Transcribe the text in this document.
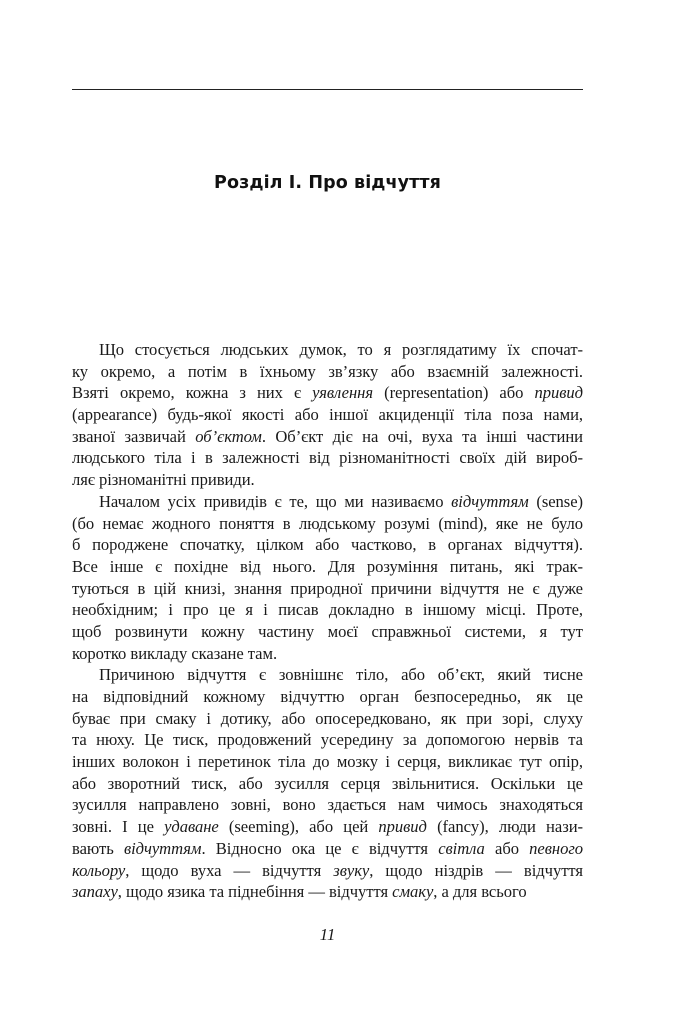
Розділ І. Про відчуття
Що стосується людських думок, то я розглядатиму їх спочат-
ку окремо, а потім в їхньому зв’язку або взаємній залежності.
Взяті окремо, кожна з них є уявлення (representation) або привид
(appearance) будь-якої якості або іншої акциденції тіла поза нами,
званої зазвичай об’єктом. Об’єкт діє на очі, вуха та інші частини
людського тіла і в залежності від різноманітності своїх дій вироб-
ляє різноманітні привиди.
Началом усіх привидів є те, що ми називаємо відчуттям (sense)
(бо немає жодного поняття в людському розумі (mind), яке не було
б породжене спочатку, цілком або частково, в органах відчуття).
Все інше є похідне від нього. Для розуміння питань, які трак-
туються в цій книзі, знання природної причини відчуття не є дуже
необхідним; і про це я і писав докладно в іншому місці. Проте,
щоб розвинути кожну частину моєї справжньої системи, я тут
коротко викладу сказане там.
Причиною відчуття є зовнішнє тіло, або об’єкт, який тисне
на відповідний кожному відчуттю орган безпосередньо, як це
буває при смаку і дотику, або опосередковано, як при зорі, слуху
та нюху. Це тиск, продовжений усередину за допомогою нервів та
інших волокон і перетинок тіла до мозку і серця, викликає тут опір,
або зворотний тиск, або зусилля серця звільнитися. Оскільки це
зусилля направлено зовні, воно здається нам чимось знаходяться
зовні. І це удаване (seeming), або цей привид (fancy), люди нази-
вають відчуттям. Відносно ока це є відчуття світла або певного
кольору, щодо вуха — відчуття звуку, щодо ніздрів — відчуття
запаху, щодо язика та піднебіння — відчуття смаку, а для всього
11
